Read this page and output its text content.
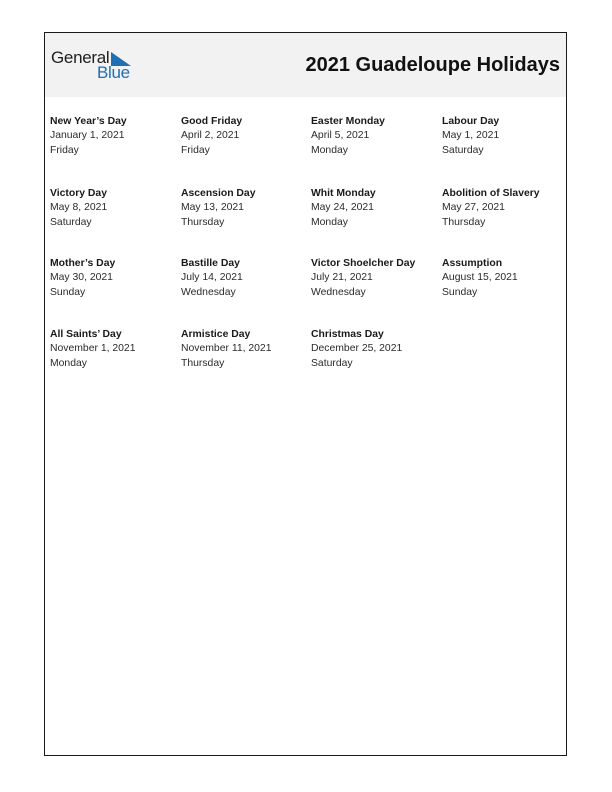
General
Blue	2021 Guadeloupe Holidays
New Year’s Day
January 1, 2021
Friday
Good Friday
April 2, 2021
Friday
Easter Monday
April 5, 2021
Monday
Labour Day
May 1, 2021
Saturday
Victory Day
May 8, 2021
Saturday
Ascension Day
May 13, 2021
Thursday
Whit Monday
May 24, 2021
Monday
Abolition of Slavery
May 27, 2021
Thursday
Mother’s Day
May 30, 2021
Sunday
Bastille Day
July 14, 2021
Wednesday
Victor Shoelcher Day
July 21, 2021
Wednesday
Assumption
August 15, 2021
Sunday
All Saints’ Day
November 1, 2021
Monday
Armistice Day
November 11, 2021
Thursday
Christmas Day
December 25, 2021
Saturday
